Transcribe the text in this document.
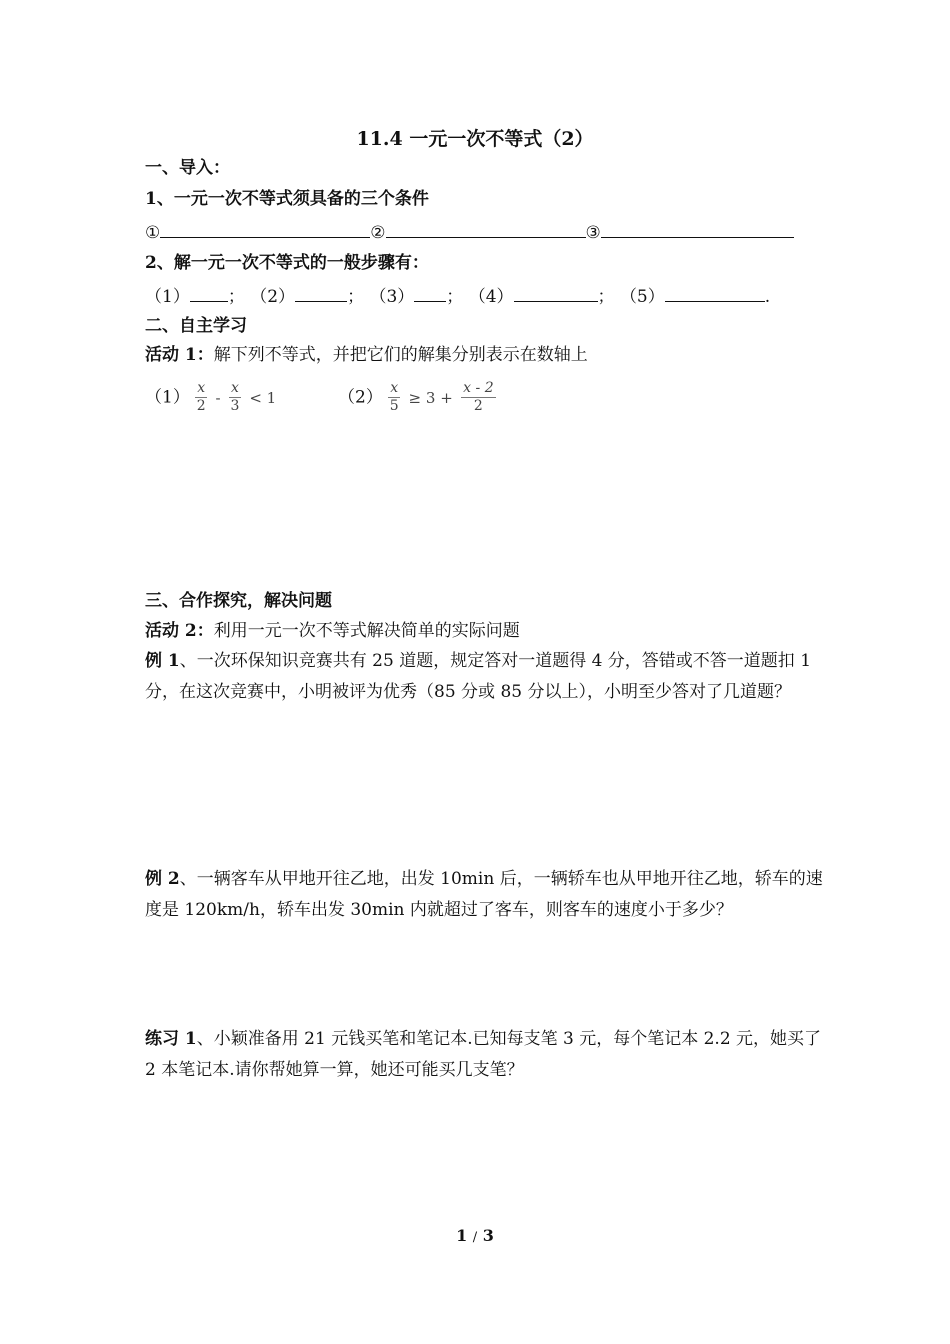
11.4 一元一次不等式（2）
一、导入：
1、一元一次不等式须具备的三个条件
①	②	③
2、解一元一次不等式的一般步骤有：
（1） ； （2）	； （3） ； （4）	； （5）	.
二、自主学习
活动 1：解下列不等式，并把它们的解集分别表示在数轴上
$(1) \frac{x}{2} - \frac{x}{3} < 1$	$(2) \frac{x}{5} \ge 3 + \frac{x - 2}{2}$
三、合作探究，解决问题
活动 2：利用一元一次不等式解决简单的实际问题
例 1、一次环保知识竞赛共有 25 道题，规定答对一道题得 4 分，答错或不答一道题扣 1 分，在这次竞赛中，小明被评为优秀（85 分或 85 分以上），小明至少答对了几道题？
例 2、一辆客车从甲地开往乙地，出发 10min 后，一辆轿车也从甲地开往乙地，轿车的速度是 120km/h，轿车出发 30min 内就超过了客车，则客车的速度小于多少？
练习 1、小颖准备用 21 元钱买笔和笔记本.已知每支笔 3 元，每个笔记本 2.2 元，她买了 2 本笔记本.请你帮她算一算，她还可能买几支笔？
1 / 3
